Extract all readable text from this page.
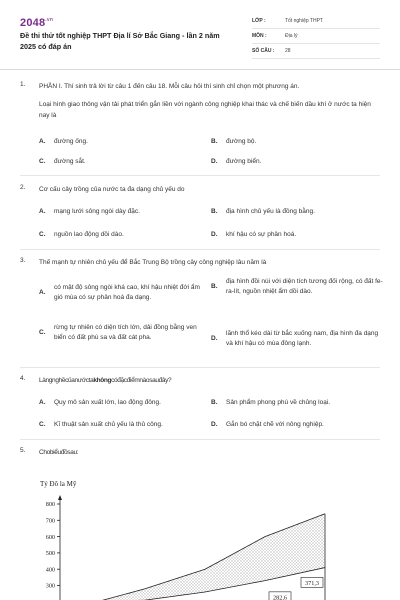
$2048^{.vn}$
Đề thi thử tốt nghiệp THPT Địa lí Sở Bắc Giang - lần 2 năm 2025 có đáp án
LỚP :	Tốt nghiệp THPT
MÔN :	Địa lý
SỐ CÂU :	28
1. PHẦN I. Thí sinh trả lời từ câu 1 đến câu 18. Mỗi câu hỏi thí sinh chỉ chọn một phương án.
Loại hình giao thông vận tải phát triển gắn liền với ngành công nghiệp khai thác và chế biến dầu khí ở nước ta hiện nay là
A.	đường ống.	B.	đường bộ.
C.	đường sắt.	D.	đường biển.
2. Cơ cấu cây trồng của nước ta đa dạng chủ yếu do
A.	mạng lưới sông ngòi dày đặc.	B.	địa hình chủ yếu là đồng bằng.
C.	nguồn lao động dồi dào.	D.	khí hậu có sự phân hoá.
3. Thế mạnh tự nhiên chủ yếu để Bắc Trung Bộ trồng cây công nghiệp lâu năm là
A.
có mật độ sông ngòi khá cao, khí hậu nhiệt đới ẩm gió mùa có sự phân hoá đa dạng.
B.
địa hình đồi núi với diện tích tương đối rộng, có đất fe-ra-lít, nguồn nhiệt ẩm dồi dào.
C.
rừng tự nhiên có diện tích lớn, dải đồng bằng ven biển có đất phù sa và đất cát pha.	D.
lãnh thổ kéo dài từ bắc xuống nam, địa hình đa dạng và khí hậu có mùa đông lạnh.
4. Làngnghềcủanướctakhôngcóđặcđiểmnàosauđây?
A.	Quy mô sản xuất lớn, lao động đông.	B.	Sản phẩm phong phú về chủng loại.
C.	Kĩ thuật sản xuất chủ yếu là thủ công.	D.	Gắn bó chặt chẽ với nông nghiệp.
5. Chobiểuđồsau:
Tỷ Đô la Mỹ
800
700
600
500
400
300	371,3
282,6
